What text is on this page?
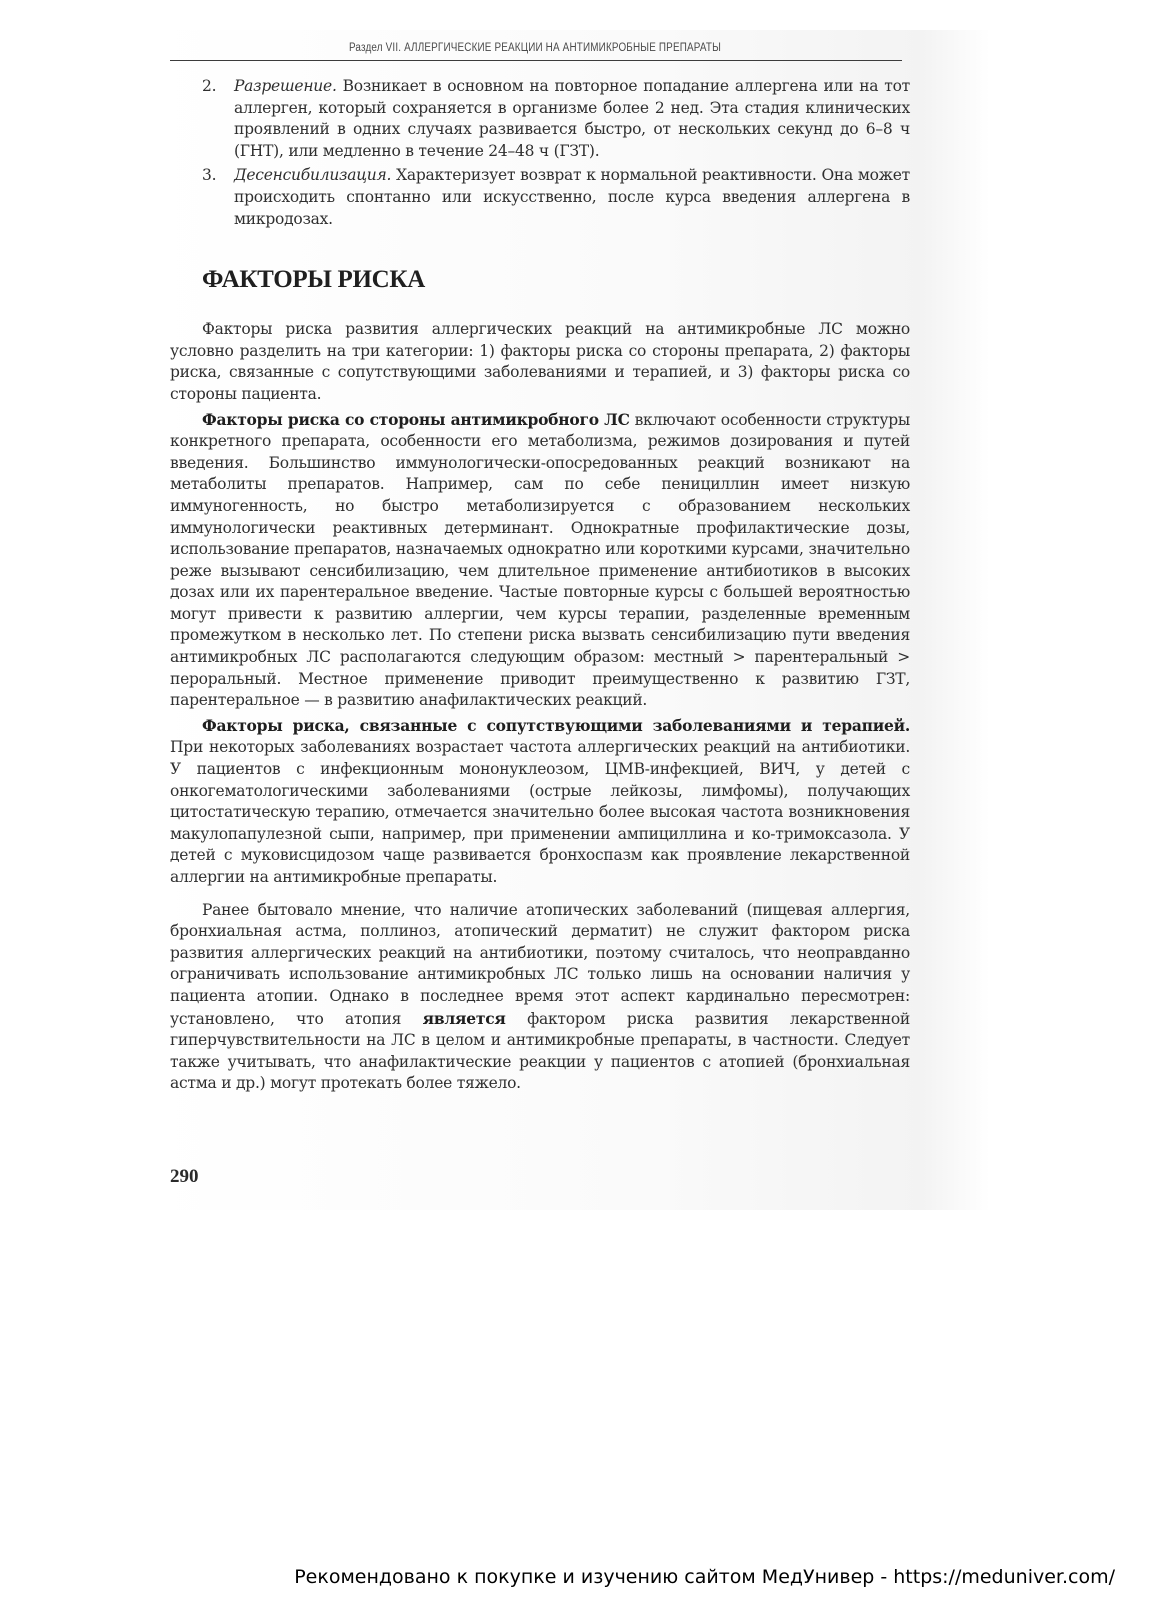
Раздел VII. АЛЛЕРГИЧЕСКИЕ РЕАКЦИИ НА АНТИМИКРОБНЫЕ ПРЕПАРАТЫ
2. Разрешение. Возникает в основном на повторное попадание аллергена или на тот аллерген, который сохраняется в организме более 2 нед. Эта стадия клинических проявлений в одних случаях развивается быстро, от нескольких секунд до 6–8 ч (ГНТ), или медленно в течение 24–48 ч (ГЗТ).
3. Десенсибилизация. Характеризует возврат к нормальной реактивности. Она может происходить спонтанно или искусственно, после курса введения аллергена в микродозах.
ФАКТОРЫ РИСКА

Факторы риска развития аллергических реакций на антимикробные ЛС можно условно разделить на три категории: 1) факторы риска со стороны препарата, 2) факторы риска, связанные с сопутствующими заболеваниями и терапией, и 3) факторы риска со стороны пациента.

Факторы риска со стороны антимикробного ЛС включают особенности структуры конкретного препарата, особенности его метаболизма, режимов дозирования и путей введения. Большинство иммунологически-опосредованных реакций возникают на метаболиты препаратов. Например, сам по себе пенициллин имеет низкую иммуногенность, но быстро метаболизируется с образованием нескольких иммунологически реактивных детерминант. Однократные профилактические дозы, использование препаратов, назначаемых однократно или короткими курсами, значительно реже вызывают сенсибилизацию, чем длительное применение антибиотиков в высоких дозах или их парентеральное введение. Частые повторные курсы с большей вероятностью могут привести к развитию аллергии, чем курсы терапии, разделенные временным промежутком в несколько лет. По степени риска вызвать сенсибилизацию пути введения антимикробных ЛС располагаются следующим образом: местный > парентеральный > пероральный. Местное применение приводит преимущественно к развитию ГЗТ, парентеральное — в развитию анафилактических реакций.

Факторы риска, связанные с сопутствующими заболеваниями и терапией. При некоторых заболеваниях возрастает частота аллергических реакций на антибиотики. У пациентов с инфекционным мононуклеозом, ЦМВ-инфекцией, ВИЧ, у детей с онкогематологическими заболеваниями (острые лейкозы, лимфомы), получающих цитостатическую терапию, отмечается значительно более высокая частота возникновения макулопапулезной сыпи, например, при применении ампициллина и ко-тримоксазола. У детей с муковисцидозом чаще развивается бронхоспазм как проявление лекарственной аллергии на антимикробные препараты.

Ранее бытовало мнение, что наличие атопических заболеваний (пищевая аллергия, бронхиальная астма, поллиноз, атопический дерматит) не служит фактором риска развития аллергических реакций на антибиотики, поэтому считалось, что неоправданно ограничивать использование антимикробных ЛС только лишь на основании наличия у пациента атопии. Однако в последнее время этот аспект кардинально пересмотрен: установлено, что атопия является фактором риска развития лекарственной гиперчувствительности на ЛС в целом и антимикробные препараты, в частности. Следует также учитывать, что анафилактические реакции у пациентов с атопией (бронхиальная астма и др.) могут протекать более тяжело.

290
Рекомендовано к покупке и изучению сайтом МедУнивер - https://meduniver.com/
